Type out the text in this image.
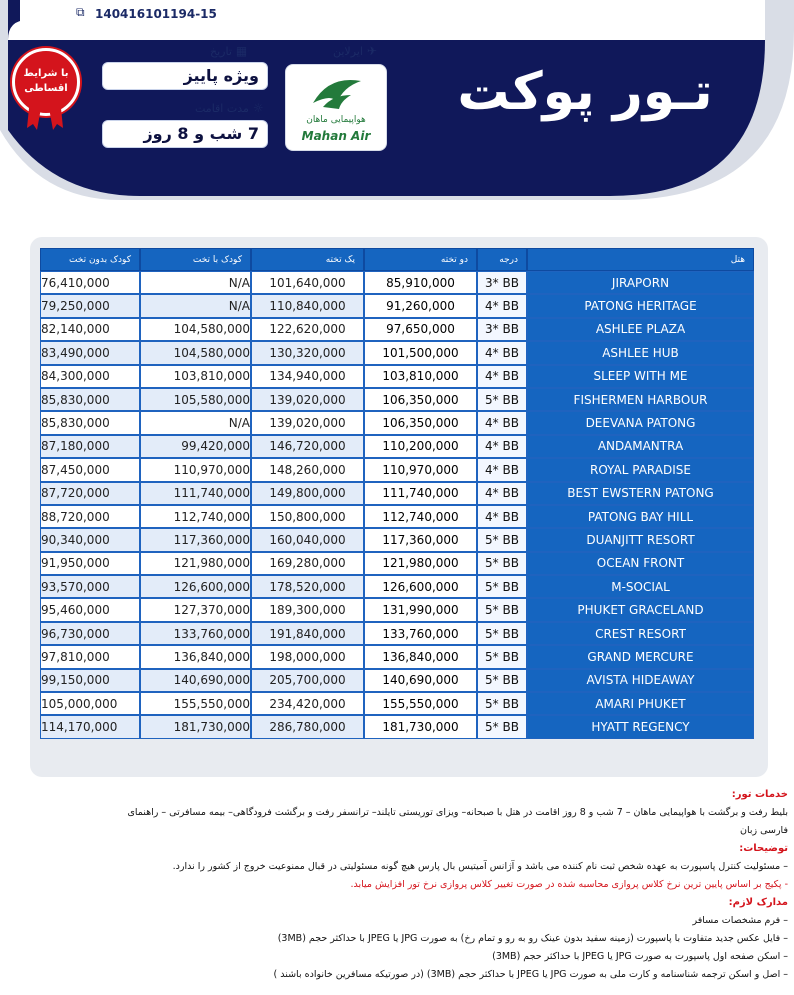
⧉ 140416101194-15
تـور پوکت
✈ایرلاین
هواپیمایی ماهان
Mahan Air
▦تاریخ
ویژه پاییز
☼مدت اقامت
7 شب و 8 روز
با شرایط
اقساطی
کودک بدون تخت	کودک با تخت	یک تخته	دو تخته	درجه	هتل
76,410,000	N/A	101,640,000	85,910,000	3* BB	JIRAPORN
79,250,000	N/A	110,840,000	91,260,000	4* BB	PATONG HERITAGE
82,140,000	104,580,000	122,620,000	97,650,000	3* BB	ASHLEE PLAZA
83,490,000	104,580,000	130,320,000	101,500,000	4* BB	ASHLEE HUB
84,300,000	103,810,000	134,940,000	103,810,000	4* BB	SLEEP WITH ME
85,830,000	105,580,000	139,020,000	106,350,000	5* BB	FISHERMEN HARBOUR
85,830,000	N/A	139,020,000	106,350,000	4* BB	DEEVANA PATONG
87,180,000	99,420,000	146,720,000	110,200,000	4* BB	ANDAMANTRA
87,450,000	110,970,000	148,260,000	110,970,000	4* BB	ROYAL PARADISE
87,720,000	111,740,000	149,800,000	111,740,000	4* BB	BEST EWSTERN PATONG
88,720,000	112,740,000	150,800,000	112,740,000	4* BB	PATONG BAY HILL
90,340,000	117,360,000	160,040,000	117,360,000	5* BB	DUANJITT RESORT
91,950,000	121,980,000	169,280,000	121,980,000	5* BB	OCEAN FRONT
93,570,000	126,600,000	178,520,000	126,600,000	5* BB	M-SOCIAL
95,460,000	127,370,000	189,300,000	131,990,000	5* BB	PHUKET GRACELAND
96,730,000	133,760,000	191,840,000	133,760,000	5* BB	CREST RESORT
97,810,000	136,840,000	198,000,000	136,840,000	5* BB	GRAND MERCURE
99,150,000	140,690,000	205,700,000	140,690,000	5* BB	AVISTA HIDEAWAY
105,000,000	155,550,000	234,420,000	155,550,000	5* BB	AMARI PHUKET
114,170,000	181,730,000	286,780,000	181,730,000	5* BB	HYATT REGENCY
خدمات تور:
بلیط رفت و برگشت با هواپیمایی ماهان – 7 شب و 8 روز اقامت در هتل با صبحانه– ویزای توریستی تایلند– ترانسفر رفت و برگشت فرودگاهی– بیمه مسافرتی – راهنمای
فارسی زبان
توضیحات:
– مسئولیت کنترل پاسپورت به عهده شخص ثبت نام کننده می باشد و آژانس آمیتیس بال پارس هیچ گونه مسئولیتی در قبال ممنوعیت خروج از کشور را ندارد.
- پکیج بر اساس پایین ترین نرخ کلاس پروازی محاسبه شده در صورت تغییر کلاس پروازی نرخ تور افزایش میابد.
مدارک لازم:
– فرم مشخصات مسافر
– فایل عکس جدید متفاوت با پاسپورت (زمینه سفید بدون عینک رو به رو و تمام رخ) به صورت JPG یا JPEG با حداکثر حجم (3MB)
– اسکن صفحه اول پاسپورت به صورت JPG یا JPEG با حداکثر حجم (3MB)
– اصل و اسکن ترجمه شناسنامه و کارت ملی به صورت JPG یا JPEG با حداکثر حجم (3MB) (در صورتیکه مسافرین خانواده باشند )
